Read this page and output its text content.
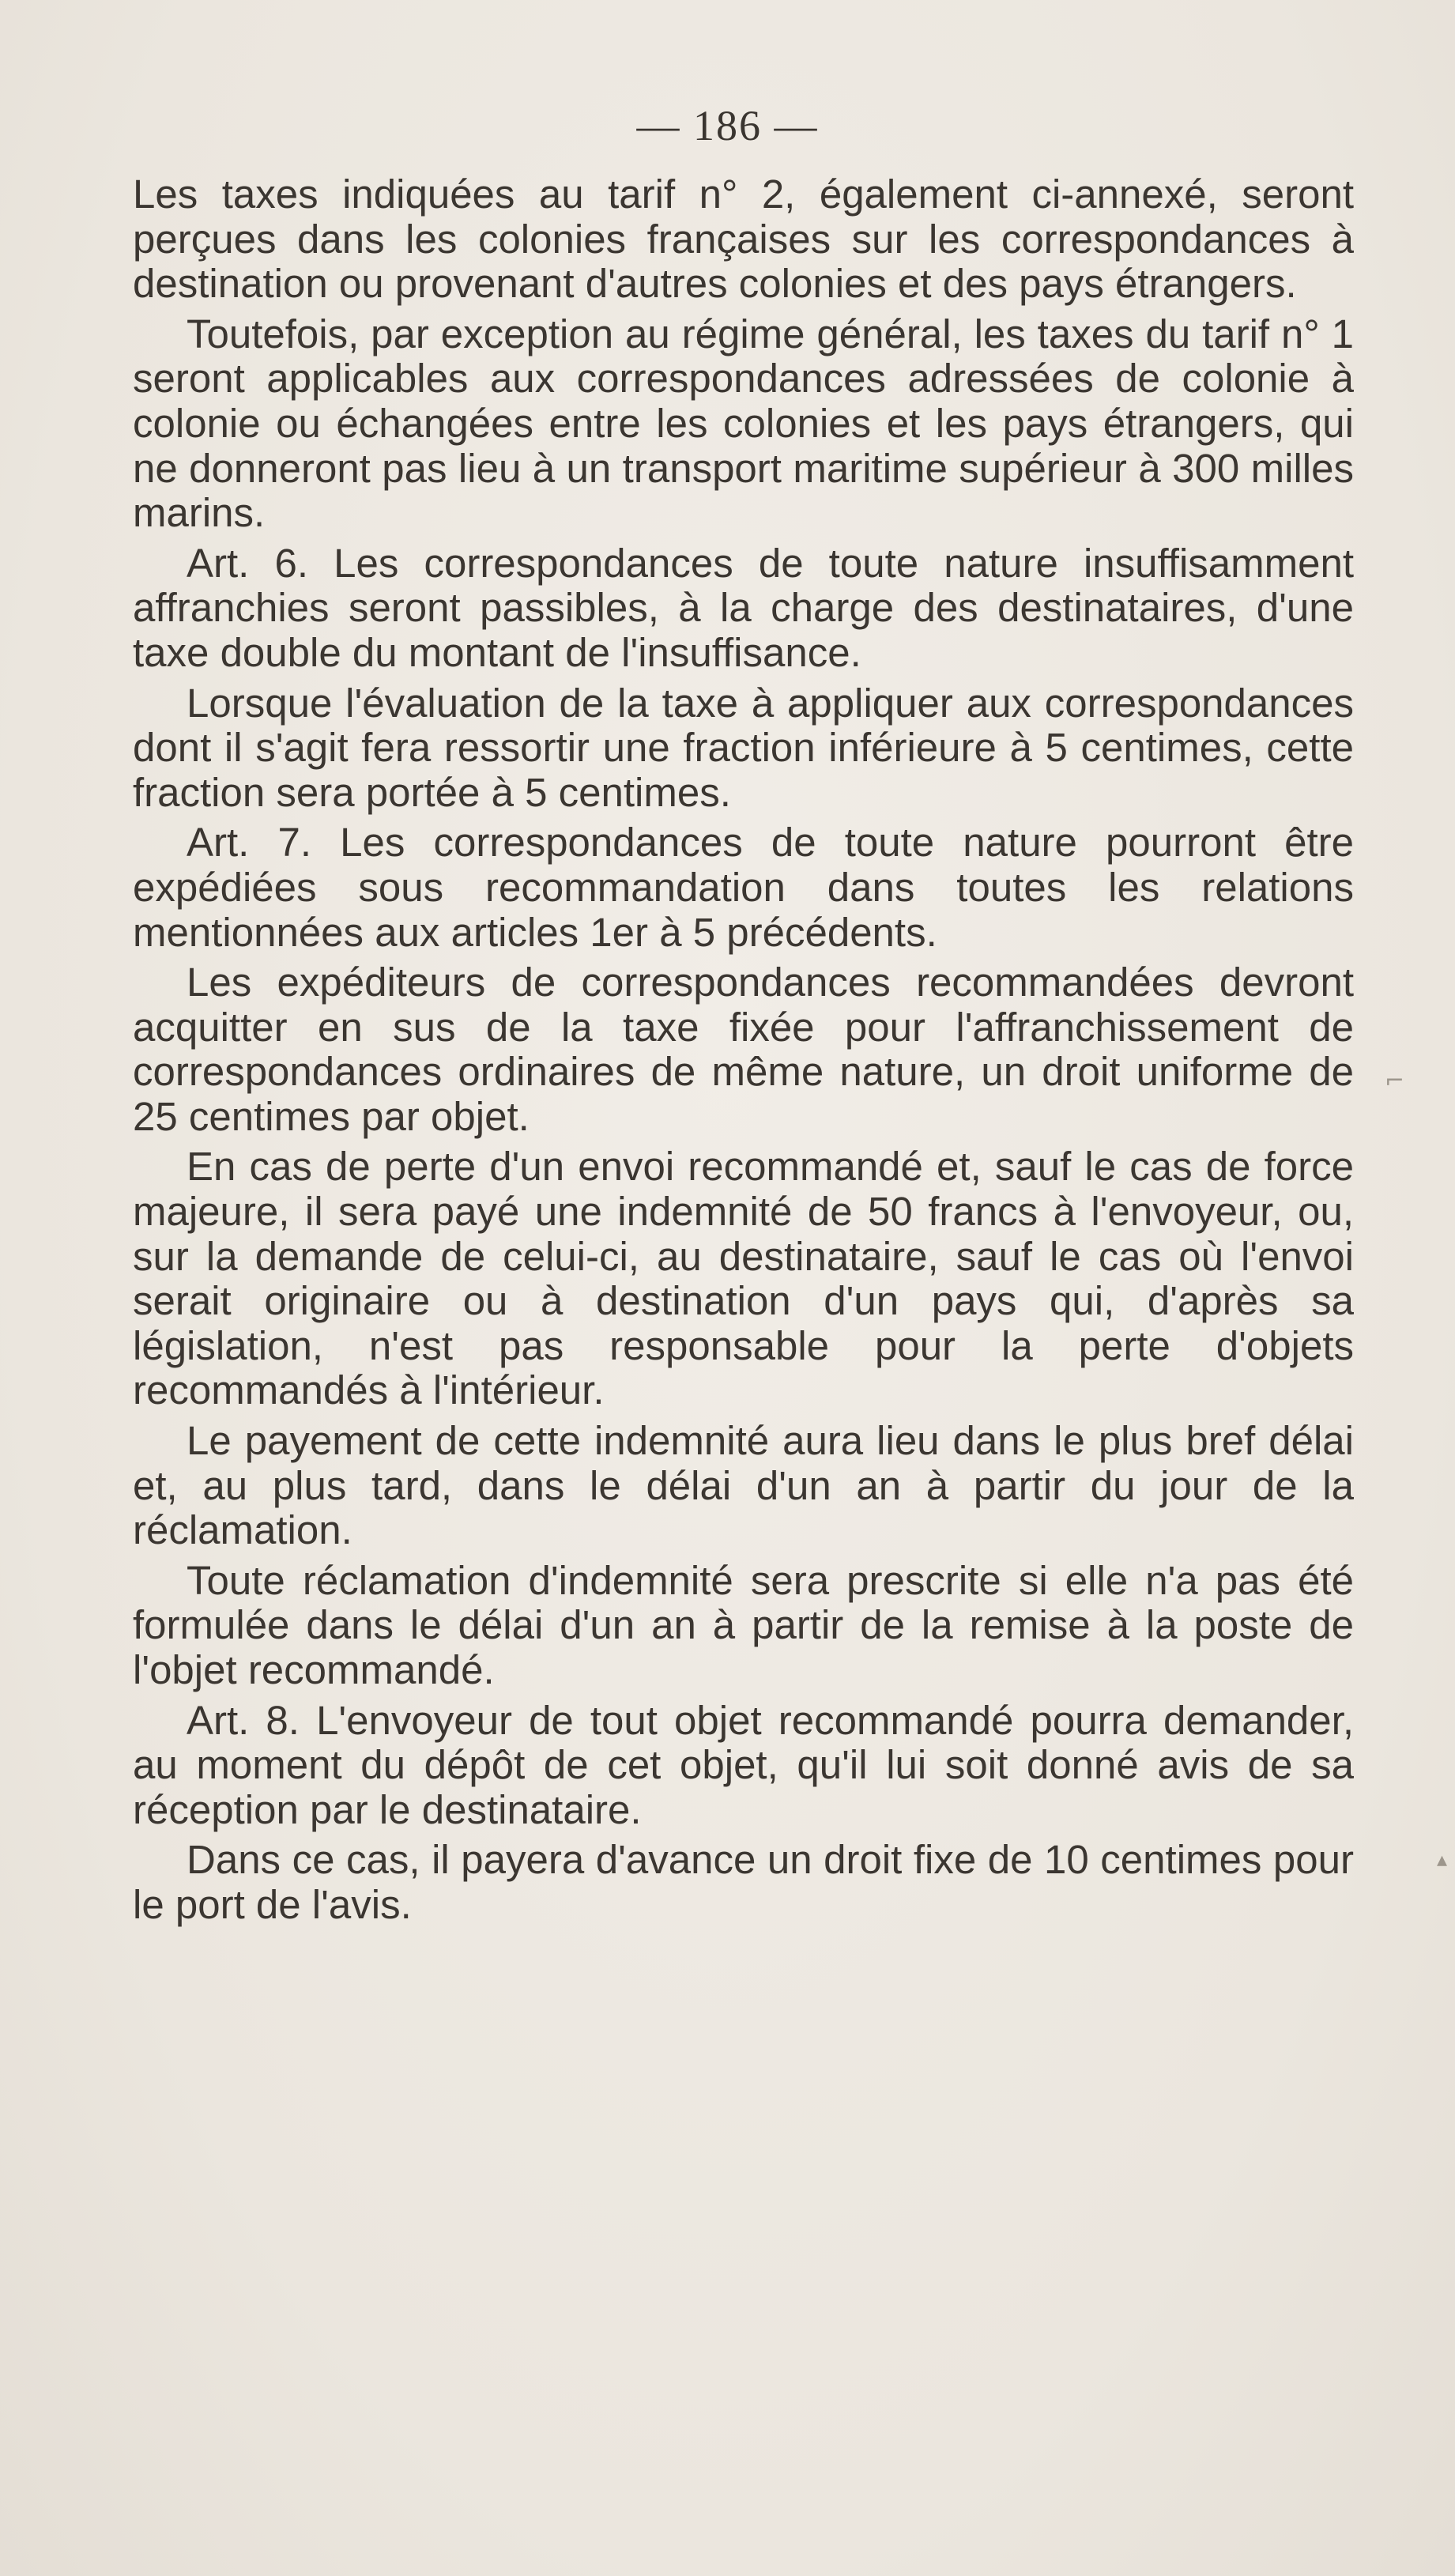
— 186 —

Les taxes indiquées au tarif n° 2, également ci-annexé, seront perçues dans les colonies françaises sur les correspondances à destination ou provenant d'autres colonies et des pays étrangers.

Toutefois, par exception au régime général, les taxes du tarif n° 1 seront applicables aux correspondances adressées de colonie à colonie ou échangées entre les colonies et les pays étrangers, qui ne donneront pas lieu à un transport maritime supérieur à 300 milles marins.

Art. 6. Les correspondances de toute nature insuffisamment affranchies seront passibles, à la charge des destinataires, d'une taxe double du montant de l'insuffisance.

Lorsque l'évaluation de la taxe à appliquer aux correspondances dont il s'agit fera ressortir une fraction inférieure à 5 centimes, cette fraction sera portée à 5 centimes.

Art. 7. Les correspondances de toute nature pourront être expédiées sous recommandation dans toutes les relations mentionnées aux articles 1er à 5 précédents.

Les expéditeurs de correspondances recommandées devront acquitter en sus de la taxe fixée pour l'affranchissement de correspondances ordinaires de même nature, un droit uniforme de 25 centimes par objet.

En cas de perte d'un envoi recommandé et, sauf le cas de force majeure, il sera payé une indemnité de 50 francs à l'envoyeur, ou, sur la demande de celui-ci, au destinataire, sauf le cas où l'envoi serait originaire ou à destination d'un pays qui, d'après sa législation, n'est pas responsable pour la perte d'objets recommandés à l'intérieur.

Le payement de cette indemnité aura lieu dans le plus bref délai et, au plus tard, dans le délai d'un an à partir du jour de la réclamation.

Toute réclamation d'indemnité sera prescrite si elle n'a pas été formulée dans le délai d'un an à partir de la remise à la poste de l'objet recommandé.

Art. 8. L'envoyeur de tout objet recommandé pourra demander, au moment du dépôt de cet objet, qu'il lui soit donné avis de sa réception par le destinataire.

Dans ce cas, il payera d'avance un droit fixe de 10 centimes pour le port de l'avis.

⌐
▴
